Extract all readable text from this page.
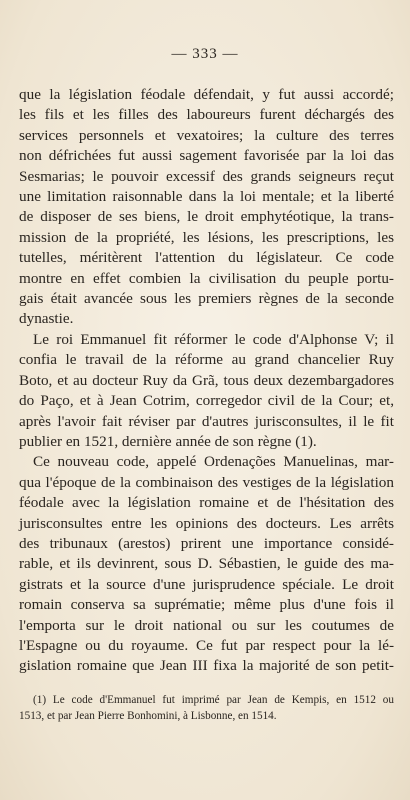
— 333 —
que la législation féodale défendait, y fut aussi accordé;
les fils et les filles des laboureurs furent déchargés des
services personnels et vexatoires; la culture des terres
non défrichées fut aussi sagement favorisée par la loi das
Sesmarias; le pouvoir excessif des grands seigneurs reçut
une limitation raisonnable dans la loi mentale; et la liberté
de disposer de ses biens, le droit emphytéotique, la trans-
mission de la propriété, les lésions, les prescriptions, les
tutelles, méritèrent l'attention du législateur. Ce code
montre en effet combien la civilisation du peuple portu-
gais était avancée sous les premiers règnes de la seconde
dynastie.
Le roi Emmanuel fit réformer le code d'Alphonse V; il
confia le travail de la réforme au grand chancelier Ruy
Boto, et au docteur Ruy da Grã, tous deux dezembargadores
do Paço, et à Jean Cotrim, corregedor civil de la Cour; et,
après l'avoir fait réviser par d'autres jurisconsultes, il le fit
publier en 1521, dernière année de son règne (1).
Ce nouveau code, appelé Ordenações Manuelinas, mar-
qua l'époque de la combinaison des vestiges de la législation
féodale avec la législation romaine et de l'hésitation des
jurisconsultes entre les opinions des docteurs. Les arrêts
des tribunaux (arestos) prirent une importance considé-
rable, et ils devinrent, sous D. Sébastien, le guide des ma-
gistrats et la source d'une jurisprudence spéciale. Le droit
romain conserva sa suprématie; même plus d'une fois il
l'emporta sur le droit national ou sur les coutumes de
l'Espagne ou du royaume. Ce fut par respect pour la lé-
gislation romaine que Jean III fixa la majorité de son petit-
(1) Le code d'Emmanuel fut imprimé par Jean de Kempis, en 1512 ou
1513, et par Jean Pierre Bonhomini, à Lisbonne, en 1514.
